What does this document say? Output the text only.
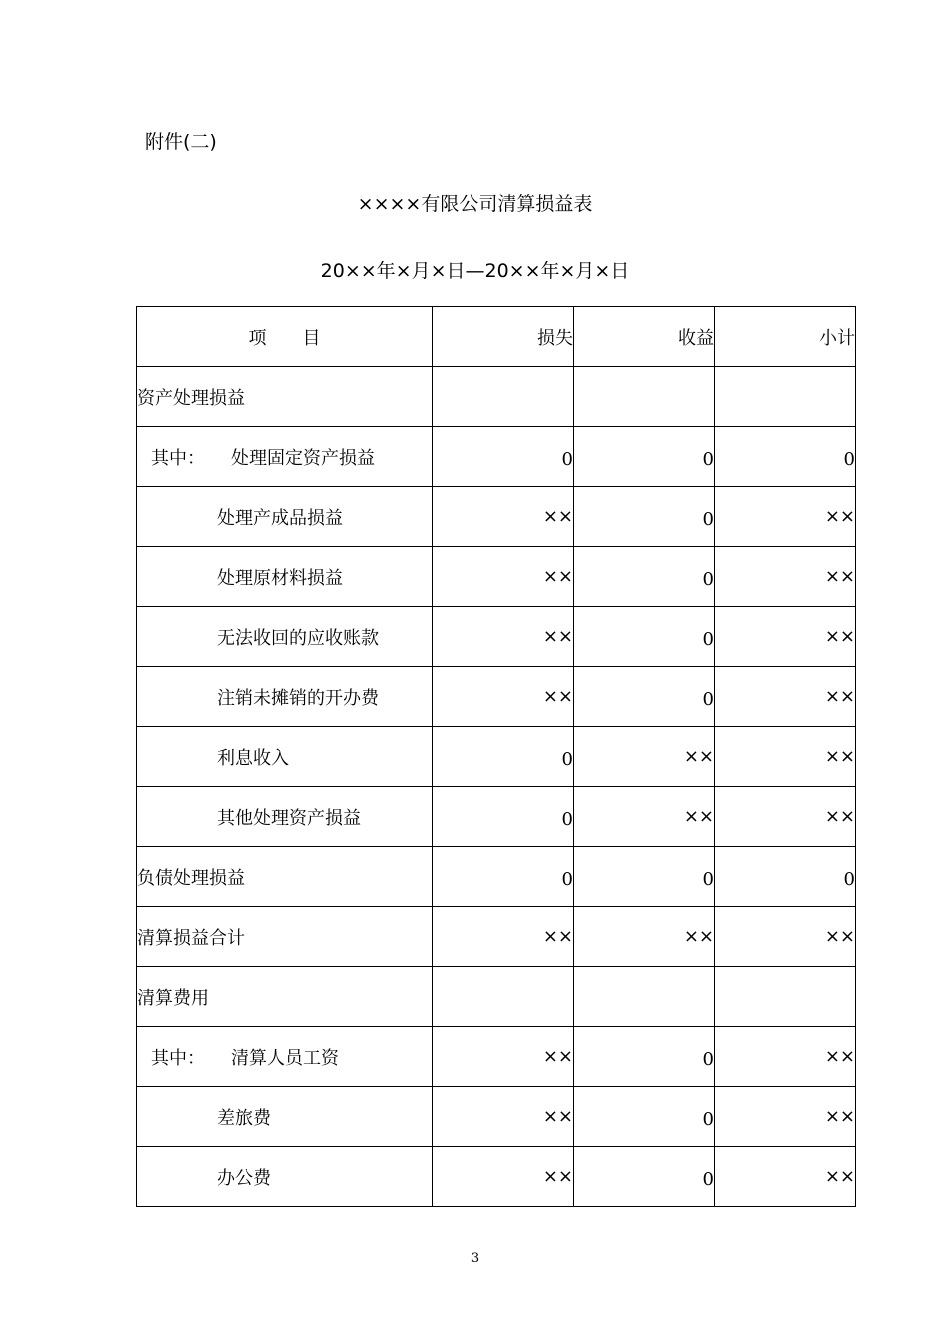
附件(二)
××××有限公司清算损益表
20××年×月×日—20××年×月×日
项　　目	损失	收益	小计
资产处理损益			
其中： 处理固定资产损益	0	0	0

处理产成品损益	××	0	××
处理原材料损益	××	0	××
无法收回的应收账款	××	0	××
注销未摊销的开办费	××	0	××
利息收入	0	××	××
其他处理资产损益	0	××	××
负债处理损益	0	0	0

清算损益合计	××	××	××
清算费用			
其中： 清算人员工资	××	0	××
差旅费	××	0	××
办公费	××	0	××
3
